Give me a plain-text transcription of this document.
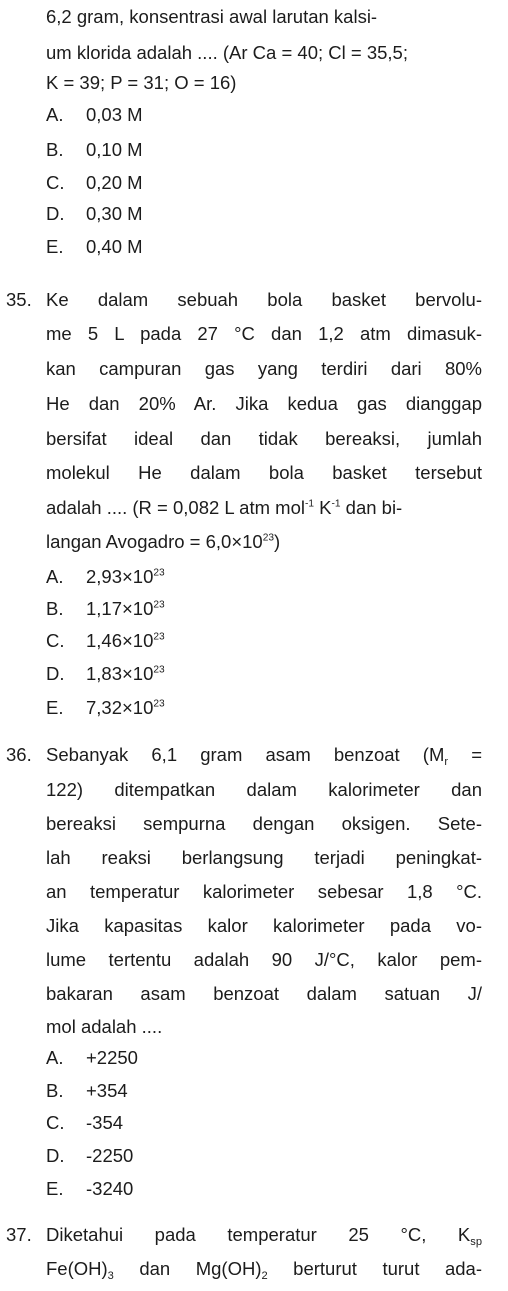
6,2 gram, konsentrasi awal larutan kalsi-
um klorida adalah .... (Ar Ca = 40; Cl = 35,5;
K = 39; P = 31; O = 16)
A. 0,03 M
B. 0,10 M
C. 0,20 M
D. 0,30 M
E. 0,40 M
35. Ke dalam sebuah bola basket bervolu-
me 5 L pada 27 °C dan 1,2 atm dimasuk-
kan campuran gas yang terdiri dari 80%
He dan 20% Ar. Jika kedua gas dianggap
bersifat ideal dan tidak bereaksi, jumlah
molekul He dalam bola basket tersebut
adalah .... (R = 0,082 L atm mol$^{-1}$ $K^{-1}$ dan bi-
langan Avogadro = $6,0\times 10^{23}$)
A. $2,93\times 10^{23}$
B. $1,17\times 10^{23}$
C. $1,46\times 10^{23}$
D. $1,83\times 10^{23}$
E. $7,32\times 10^{23}$
36. Sebanyak 6,1 gram asam benzoat ($M_r$ =
122) ditempatkan dalam kalorimeter dan
bereaksi sempurna dengan oksigen. Sete-
lah reaksi berlangsung terjadi peningkat-
an temperatur kalorimeter sebesar 1,8 °C.
Jika kapasitas kalor kalorimeter pada vo-
lume tertentu adalah 90 J/°C, kalor pem-
bakaran asam benzoat dalam satuan J/
mol adalah ....
A. +2250
B. +354
C. -354
D. -2250
E. -3240
37. Diketahui pada temperatur 25 °C, $K_{sp}$
$Fe(OH)_3$ dan $Mg(OH)_2$ berturut turut ada-
